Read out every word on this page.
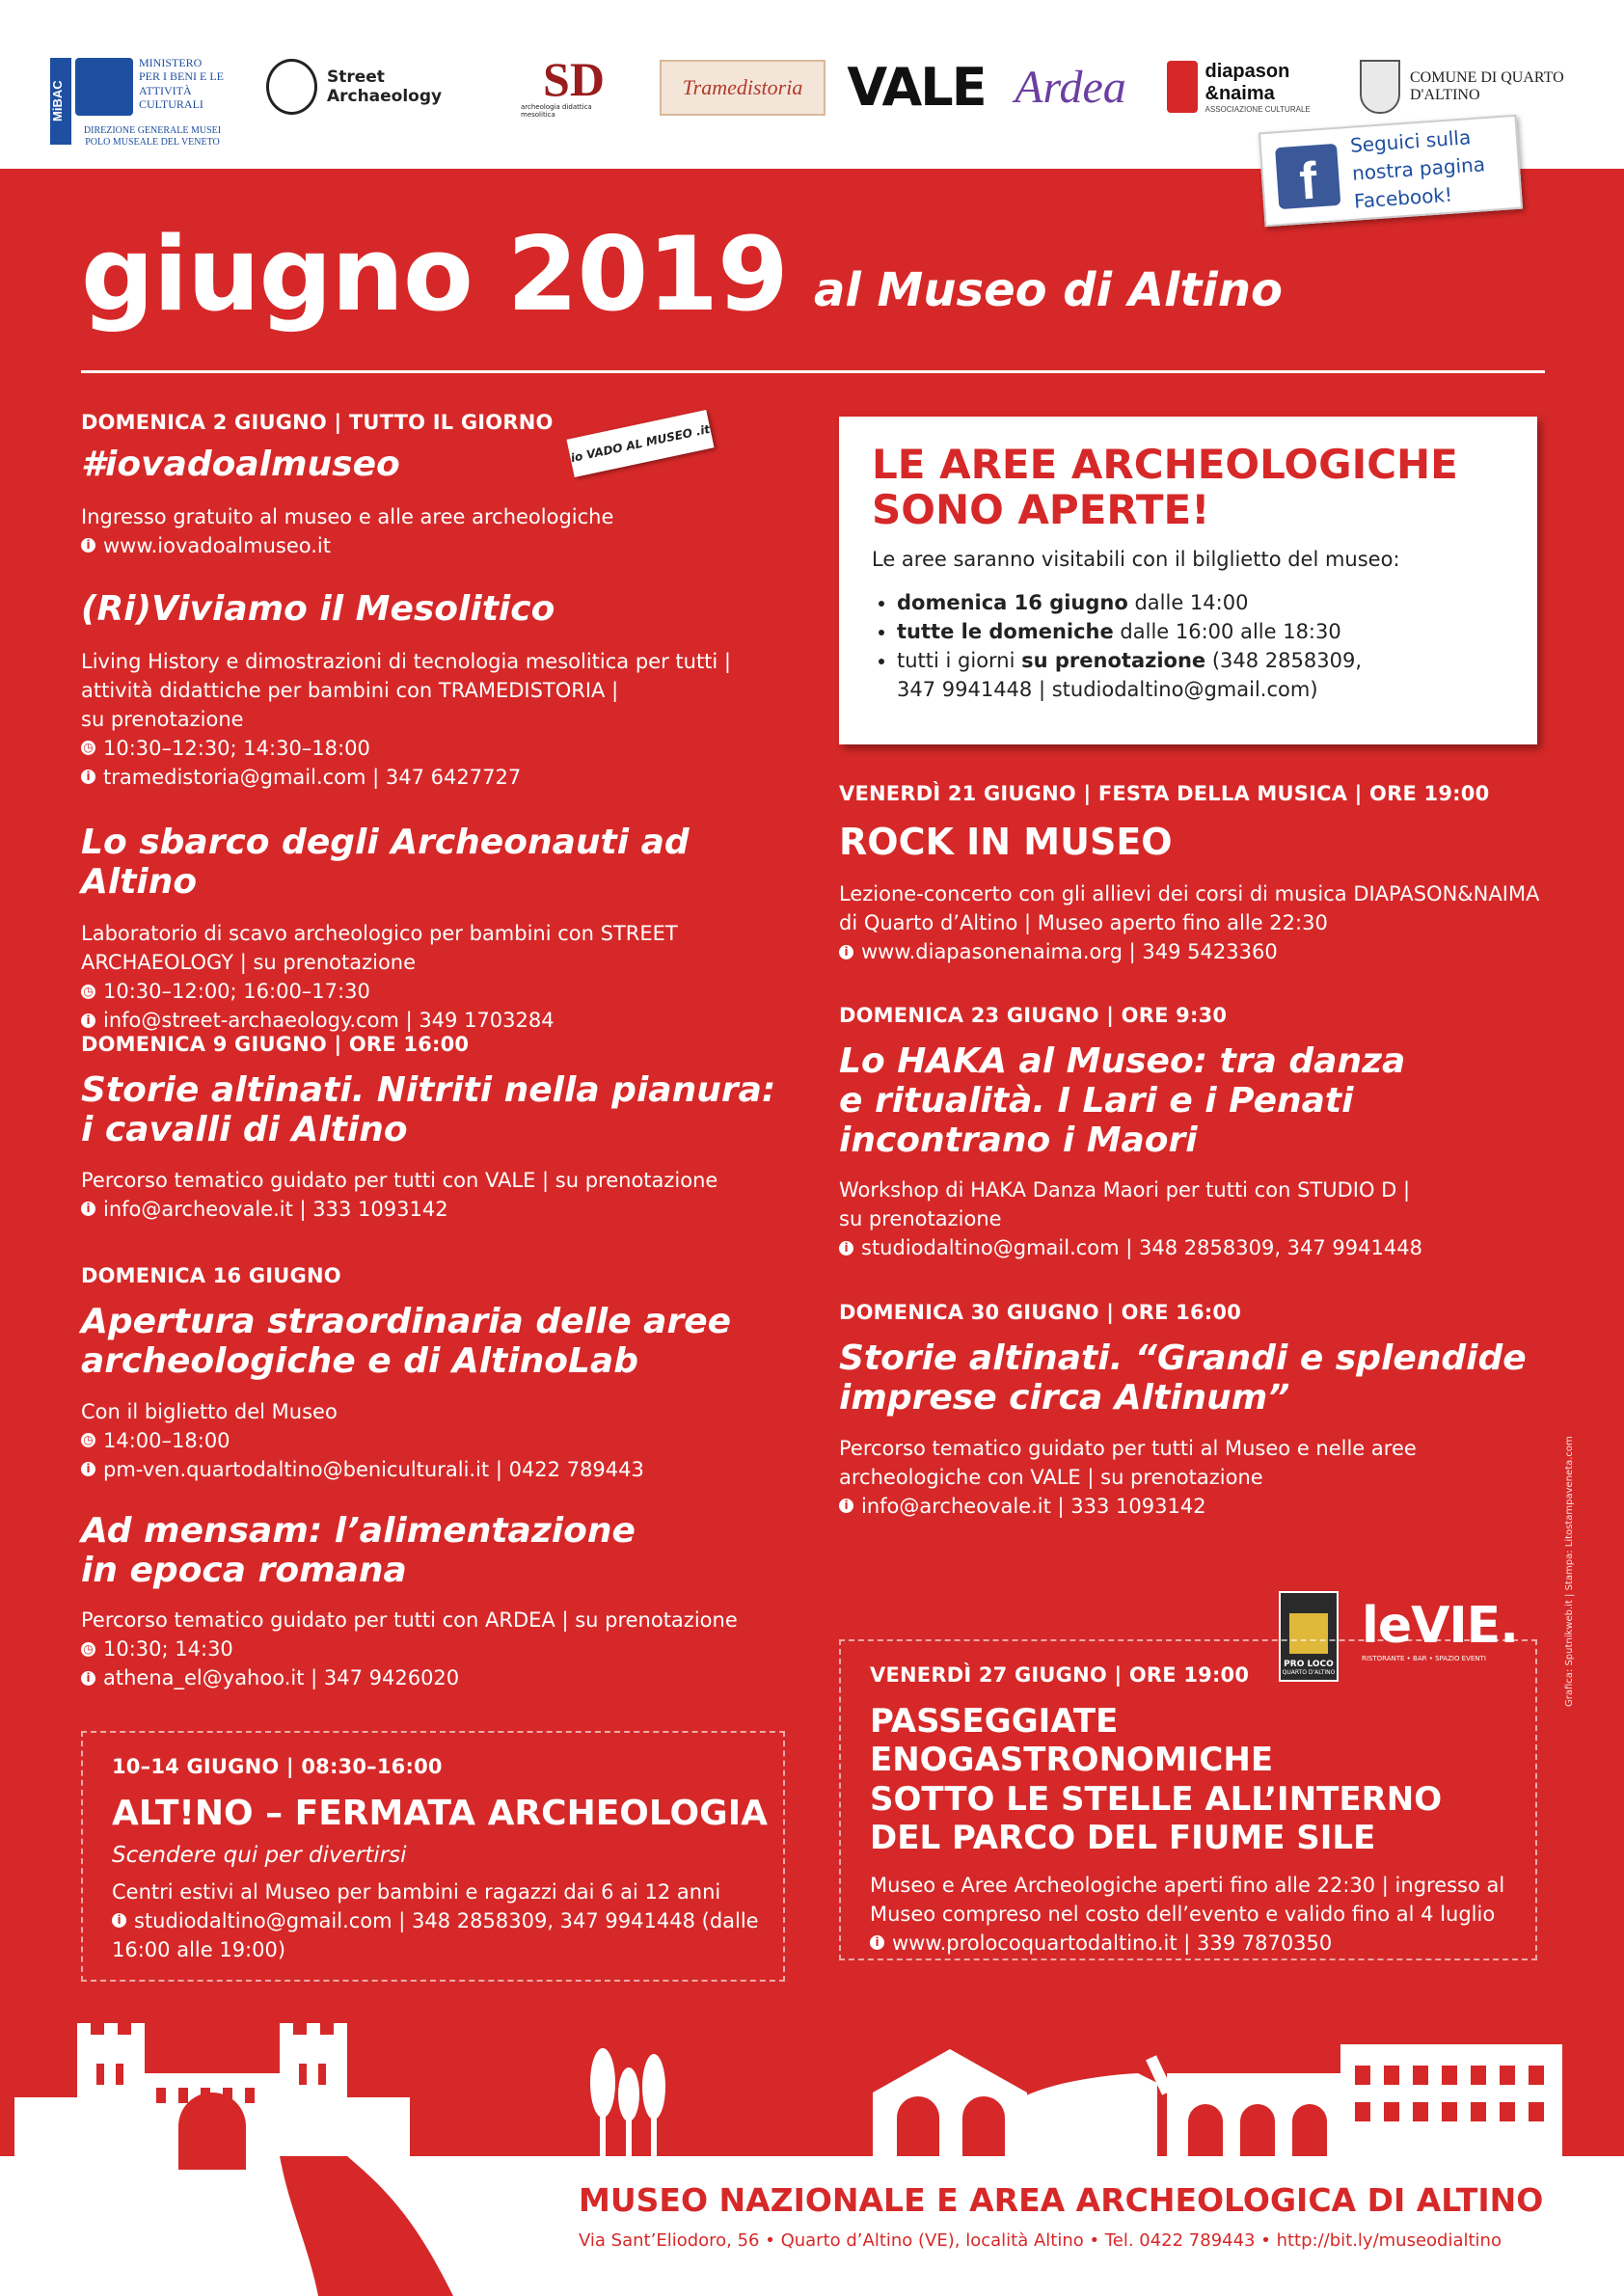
MiBAC
MINISTERO PER I BENI E LE ATTIVITÀ CULTURALI
DIREZIONE GENERALE MUSEI POLO MUSEALE DEL VENETO
Street Archaeology	SD
archeologia didattica mesolitica
Tramedistoria VALE Ardea	diapason &naima
ASSOCIAZIONE CULTURALE
COMUNE DI QUARTO D'ALTINO
f
Seguici sulla nostra pagina Facebook!
giugno 2019 al Museo di Altino
DOMENICA 2 GIUGNO | TUTTO IL GIORNO
#iovadoalmuseo
Ingresso gratuito al museo e alle aree archeologiche
i www.iovadoalmuseo.it
io VADO AL MUSEO .it
(Ri)Viviamo il Mesolitico
Living History e dimostrazioni di tecnologia mesolitica per tutti |
attività didattiche per bambini con TRAMEDISTORIA |
su prenotazione
◷ 10:30–12:30; 14:30–18:00
i tramedistoria@gmail.com | 347 6427727
Lo sbarco degli Archeonauti ad Altino
Laboratorio di scavo archeologico per bambini con STREET
ARCHAEOLOGY | su prenotazione
◷ 10:30–12:00; 16:00–17:30
i info@street-archaeology.com | 349 1703284
DOMENICA 9 GIUGNO | ORE 16:00
Storie altinati. Nitriti nella pianura:
i cavalli di Altino
Percorso tematico guidato per tutti con VALE | su prenotazione
i info@archeovale.it | 333 1093142
DOMENICA 16 GIUGNO
Apertura straordinaria delle aree
archeologiche e di AltinoLab
Con il biglietto del Museo
◷ 14:00–18:00
i pm-ven.quartodaltino@beniculturali.it | 0422 789443
Ad mensam: l’alimentazione
in epoca romana
Percorso tematico guidato per tutti con ARDEA | su prenotazione
◷ 10:30; 14:30
i athena_el@yahoo.it | 347 9426020
10–14 GIUGNO | 08:30–16:00
ALT!NO – FERMATA ARCHEOLOGIA
Scendere qui per divertirsi
Centri estivi al Museo per bambini e ragazzi dai 6 ai 12 anni
i studiodaltino@gmail.com | 348 2858309, 347 9941448 (dalle
16:00 alle 19:00)
LE AREE ARCHEOLOGICHE
SONO APERTE!
Le aree saranno visitabili con il bilglietto del museo:
• domenica 16 giugno dalle 14:00
• tutte le domeniche dalle 16:00 alle 18:30
• tutti i giorni su prenotazione (348 2858309,
347 9941448 | studiodaltino@gmail.com)
VENERDÌ 21 GIUGNO | FESTA DELLA MUSICA | ORE 19:00
ROCK IN MUSEO
Lezione-concerto con gli allievi dei corsi di musica DIAPASON&NAIMA
di Quarto d’Altino | Museo aperto fino alle 22:30
i www.diapasonenaima.org | 349 5423360
DOMENICA 23 GIUGNO | ORE 9:30
Lo HAKA al Museo: tra danza
e ritualità. I Lari e i Penati
incontrano i Maori
Workshop di HAKA Danza Maori per tutti con STUDIO D |
su prenotazione
i studiodaltino@gmail.com | 348 2858309, 347 9941448
DOMENICA 30 GIUGNO | ORE 16:00
Storie altinati. “Grandi e splendide
imprese circa Altinum”
Percorso tematico guidato per tutti al Museo e nelle aree
archeologiche con VALE | su prenotazione
i info@archeovale.it | 333 1093142
PRO LOCO
QUARTO D'ALTINO
leVIE.
RISTORANTE • BAR • SPAZIO EVENTI
VENERDÌ 27 GIUGNO | ORE 19:00
PASSEGGIATE
ENOGASTRONOMICHE
SOTTO LE STELLE ALL’INTERNO
DEL PARCO DEL FIUME SILE
Museo e Aree Archeologiche aperti fino alle 22:30 | ingresso al
Museo compreso nel costo dell’evento e valido fino al 4 luglio
i www.prolocoquartodaltino.it | 339 7870350
Grafica: Sputnikweb.it | Stampa: Litostampaveneta.com
MUSEO NAZIONALE E AREA ARCHEOLOGICA DI ALTINO
Via Sant’Eliodoro, 56 • Quarto d’Altino (VE), località Altino • Tel. 0422 789443 • http://bit.ly/museodialtino
